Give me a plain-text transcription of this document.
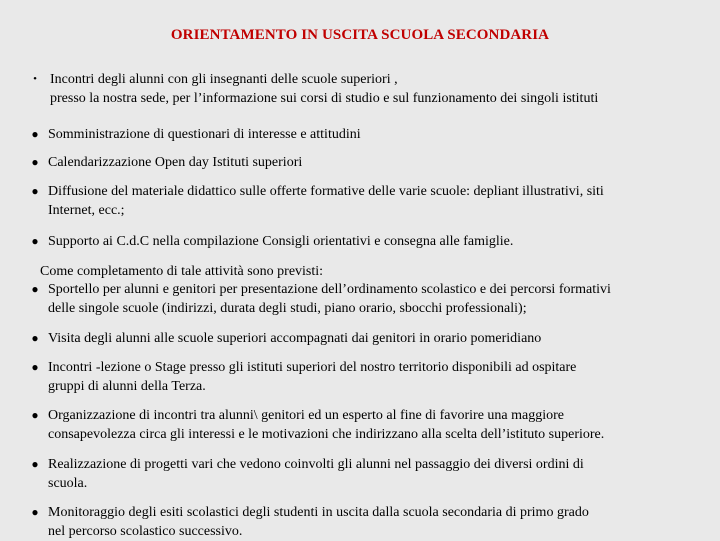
ORIENTAMENTO IN USCITA SCUOLA SECONDARIA
• Incontri degli alunni con gli insegnanti delle scuole superiori ,
presso la nostra sede, per l’informazione sui corsi di studio e sul funzionamento dei singoli istituti
● Somministrazione di questionari di interesse e attitudini
● Calendarizzazione Open day Istituti superiori
● Diffusione del materiale didattico sulle offerte formative delle varie scuole: depliant illustrativi, siti
Internet, ecc.;
● Supporto ai C.d.C nella compilazione Consigli orientativi e consegna alle famiglie.
Come completamento di tale attività sono previsti:
● Sportello per alunni e genitori per presentazione dell’ordinamento scolastico e dei percorsi formativi
delle singole scuole (indirizzi, durata degli studi, piano orario, sbocchi professionali);
● Visita degli alunni alle scuole superiori accompagnati dai genitori in orario pomeridiano
● Incontri -lezione o Stage presso gli istituti superiori del nostro territorio disponibili ad ospitare
gruppi di alunni della Terza.
● Organizzazione di incontri tra alunni\ genitori ed un esperto al fine di favorire una maggiore
consapevolezza circa gli interessi e le motivazioni che indirizzano alla scelta dell’istituto superiore.
● Realizzazione di progetti vari che vedono coinvolti gli alunni nel passaggio dei diversi ordini di
scuola.
● Monitoraggio degli esiti scolastici degli studenti in uscita dalla scuola secondaria di primo grado
nel percorso scolastico successivo.
